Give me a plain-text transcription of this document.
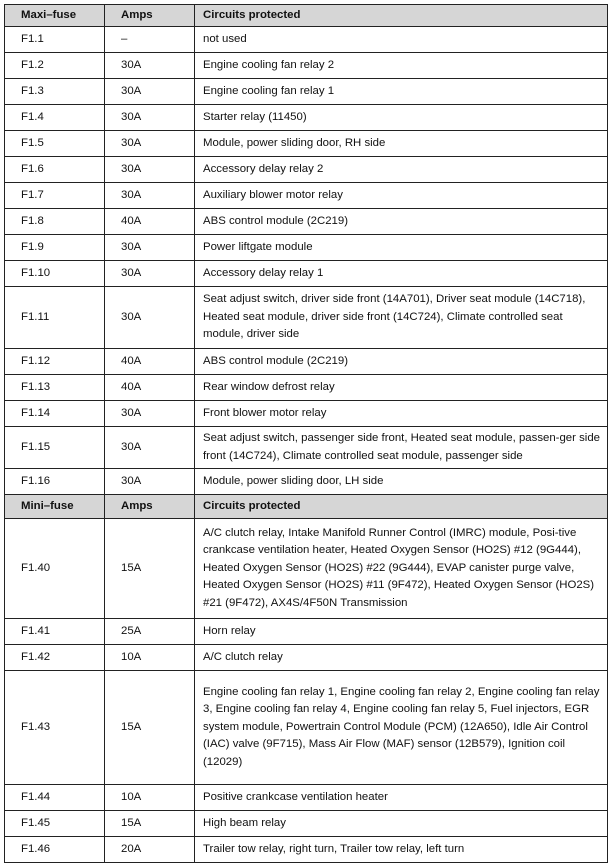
Maxi–fuse	Amps	Circuits protected
F1.1	–	not used
F1.2	30A	Engine cooling fan relay 2
F1.3	30A	Engine cooling fan relay 1
F1.4	30A	Starter relay (11450)
F1.5	30A	Module, power sliding door, RH side
F1.6	30A	Accessory delay relay 2
F1.7	30A	Auxiliary blower motor relay
F1.8	40A	ABS control module (2C219)
F1.9	30A	Power liftgate module
F1.10	30A	Accessory delay relay 1
F1.11	30A	Seat adjust switch, driver side front (14A701), Driver seat module (14C718), Heated seat module, driver side front (14C724), Climate controlled seat module, driver side
F1.12	40A	ABS control module (2C219)
F1.13	40A	Rear window defrost relay
F1.14	30A	Front blower motor relay
F1.15	30A	Seat adjust switch, passenger side front, Heated seat module, passen-ger side front (14C724), Climate controlled seat module, passenger side
F1.16	30A	Module, power sliding door, LH side
Mini–fuse	Amps	Circuits protected
F1.40	15A	A/C clutch relay, Intake Manifold Runner Control (IMRC) module, Posi-tive crankcase ventilation heater, Heated Oxygen Sensor (HO2S) #12 (9G444), Heated Oxygen Sensor (HO2S) #22 (9G444), EVAP canister purge valve, Heated Oxygen Sensor (HO2S) #11 (9F472), Heated Oxygen Sensor (HO2S) #21 (9F472), AX4S/4F50N Transmission
F1.41	25A	Horn relay
F1.42	10A	A/C clutch relay
F1.43	15A	Engine cooling fan relay 1, Engine cooling fan relay 2, Engine cooling fan relay 3, Engine cooling fan relay 4, Engine cooling fan relay 5, Fuel injectors, EGR system module, Powertrain Control Module (PCM) (12A650), Idle Air Control (IAC) valve (9F715), Mass Air Flow (MAF) sensor (12B579), Ignition coil (12029)
F1.44	10A	Positive crankcase ventilation heater
F1.45	15A	High beam relay
F1.46	20A	Trailer tow relay, right turn, Trailer tow relay, left turn
